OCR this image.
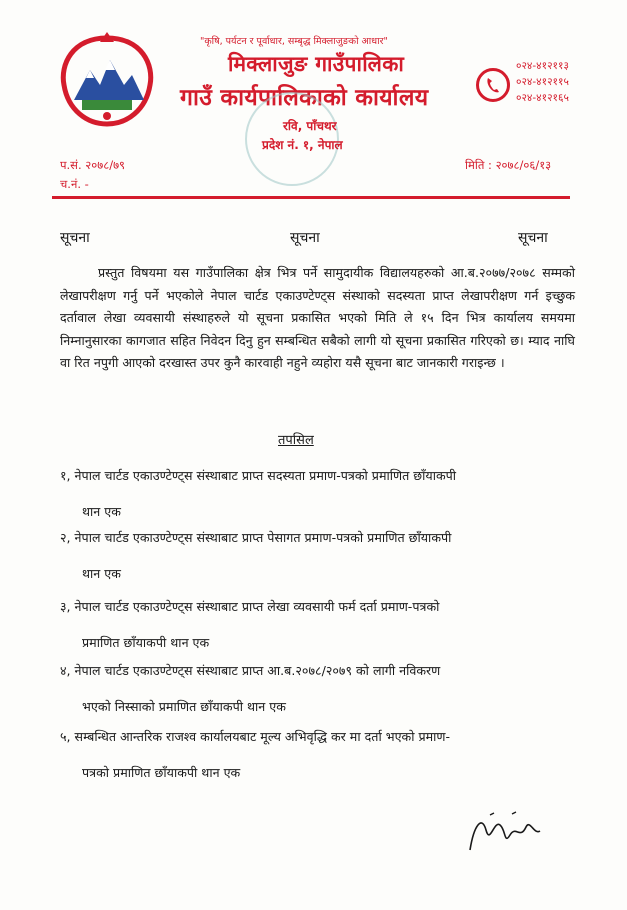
"कृषि, पर्यटन र पूर्वाधार, सम्बृद्ध मिक्लाजुङको आधार"
मिक्लाजुङ गाउँपालिका
गाउँ कार्यपालिकाको कार्यालय
रवि, पाँचथर
प्रदेश नं. १, नेपाल
०२४-४१२११३
०२४-४१२११५
०२४-४१२१६५
प.सं. २०७८/७९
च.नं. -
मिति : २०७८/०६/१३
सूचना	सूचना	सूचना
प्रस्तुत विषयमा यस गाउँपालिका क्षेत्र भित्र पर्ने सामुदायीक विद्यालयहरुको आ.ब.२०७७/२०७८ सम्मको लेखापरीक्षण गर्नु पर्ने भएकोले नेपाल चार्टड एकाउण्टेण्ट्स संस्थाको सदस्यता प्राप्त लेखापरीक्षण गर्न इच्छुक दर्तावाल लेखा व्यवसायी संस्थाहरुले यो सूचना प्रकासित भएको मिति ले १५ दिन भित्र कार्यालय समयमा निम्नानुसारका कागजात सहित निवेदन दिनु हुन सम्बन्धित सबैको लागी यो सूचना प्रकासित गरिएको छ। म्याद नाघि वा रित नपुगी आएको दरखास्त उपर कुनै कारवाही नहुने व्यहोरा यसै सूचना बाट जानकारी गराइन्छ ।
तपसिल
१, नेपाल चार्टड एकाउण्टेण्ट्स संस्थाबाट प्राप्त सदस्यता प्रमाण-पत्रको प्रमाणित छाँयाकपी
थान एक
२, नेपाल चार्टड एकाउण्टेण्ट्स संस्थाबाट प्राप्त पेसागत प्रमाण-पत्रको प्रमाणित छाँयाकपी
थान एक
३, नेपाल चार्टड एकाउण्टेण्ट्स संस्थाबाट प्राप्त लेखा व्यवसायी फर्म दर्ता प्रमाण-पत्रको
प्रमाणित छाँयाकपी थान एक
४, नेपाल चार्टड एकाउण्टेण्ट्स संस्थाबाट प्राप्त आ.ब.२०७८/२०७९ को लागी नविकरण
भएको निस्साको प्रमाणित छाँयाकपी थान एक
५, सम्बन्धित आन्तरिक राजश्व कार्यालयबाट मूल्य अभिवृद्धि कर मा दर्ता भएको प्रमाण-
पत्रको प्रमाणित छाँयाकपी थान एक
